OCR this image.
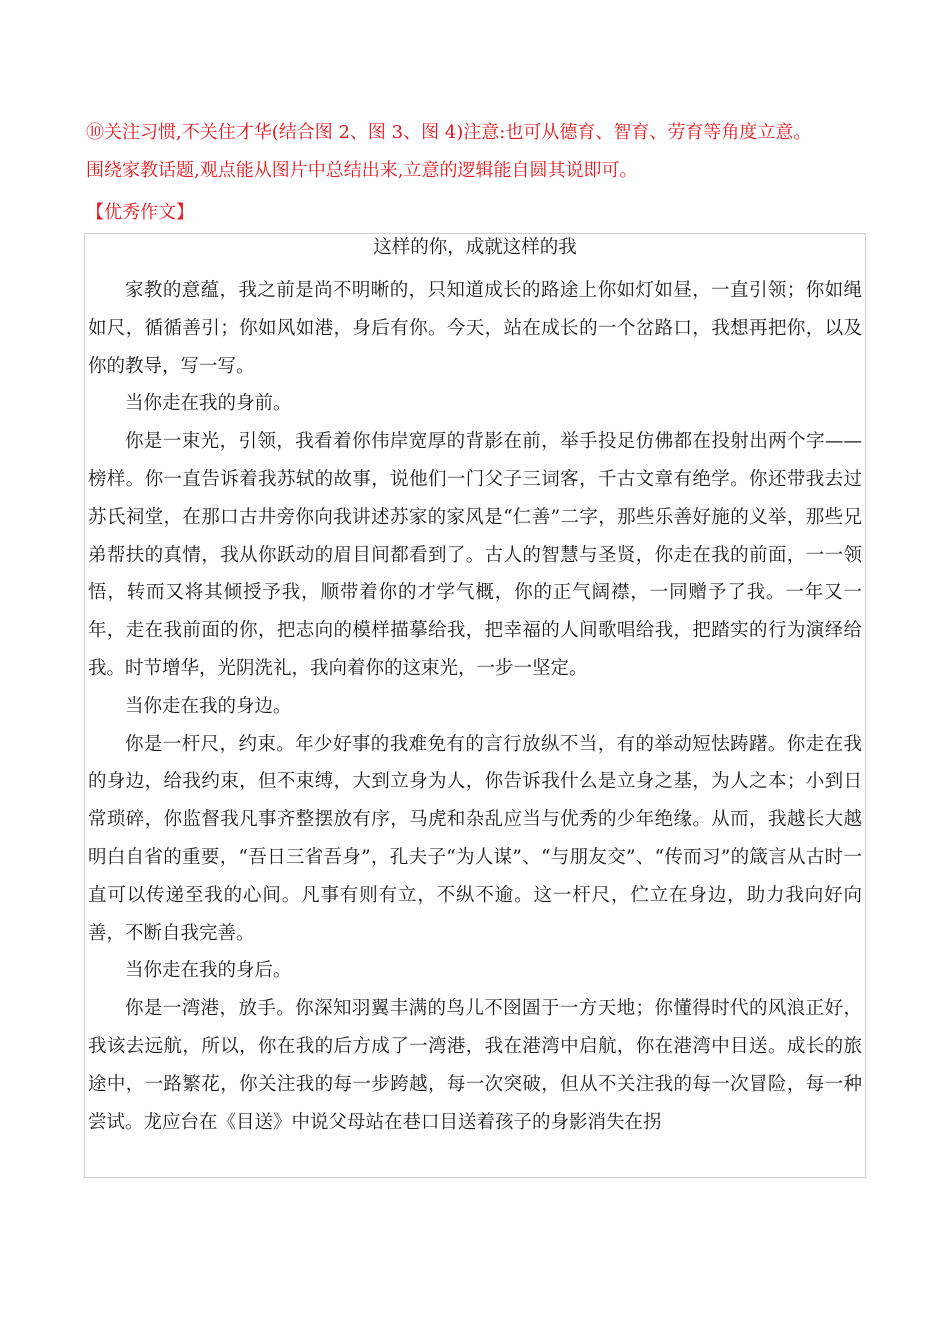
⑩关注习惯,不关住才华(结合图 2、图 3、图 4)注意:也可从德育、智育、劳育等角度立意。
围绕家教话题,观点能从图片中总结出来,立意的逻辑能自圆其说即可。
【优秀作文】
这样的你，成就这样的我

家教的意蕴，我之前是尚不明晰的，只知道成长的路途上你如灯如昼，一直引领；你如绳如尺，循循善引；你如风如港，身后有你。今天，站在成长的一个岔路口，我想再把你，以及你的教导，写一写。

当你走在我的身前。

你是一束光，引领，我看着你伟岸宽厚的背影在前，举手投足仿佛都在投射出两个字——榜样。你一直告诉着我苏轼的故事，说他们一门父子三词客，千古文章有绝学。你还带我去过苏氏祠堂，在那口古井旁你向我讲述苏家的家风是“仁善”二字，那些乐善好施的义举，那些兄弟帮扶的真情，我从你跃动的眉目间都看到了。古人的智慧与圣贤，你走在我的前面，一一领悟，转而又将其倾授予我，顺带着你的才学气概，你的正气阔襟，一同赠予了我。一年又一年，走在我前面的你，把志向的模样描摹给我，把幸福的人间歌唱给我，把踏实的行为演绎给我。时节增华，光阴洗礼，我向着你的这束光，一步一坚定。

当你走在我的身边。

你是一杆尺，约束。年少好事的我难免有的言行放纵不当，有的举动短怯踌躇。你走在我的身边，给我约束，但不束缚，大到立身为人，你告诉我什么是立身之基，为人之本；小到日常琐碎，你监督我凡事齐整摆放有序，马虎和杂乱应当与优秀的少年绝缘。从而，我越长大越明白自省的重要，“吾日三省吾身”，孔夫子“为人谋”、“与朋友交”、“传而习”的箴言从古时一直可以传递至我的心间。凡事有则有立，不纵不逾。这一杆尺，伫立在身边，助力我向好向善，不断自我完善。

当你走在我的身后。

你是一湾港，放手。你深知羽翼丰满的鸟儿不囹圄于一方天地；你懂得时代的风浪正好，我该去远航，所以，你在我的后方成了一湾港，我在港湾中启航，你在港湾中目送。成长的旅途中，一路繁花，你关注我的每一步跨越，每一次突破，但从不关注我的每一次冒险，每一种尝试。龙应台在《目送》中说父母站在巷口目送着孩子的身影消失在拐
